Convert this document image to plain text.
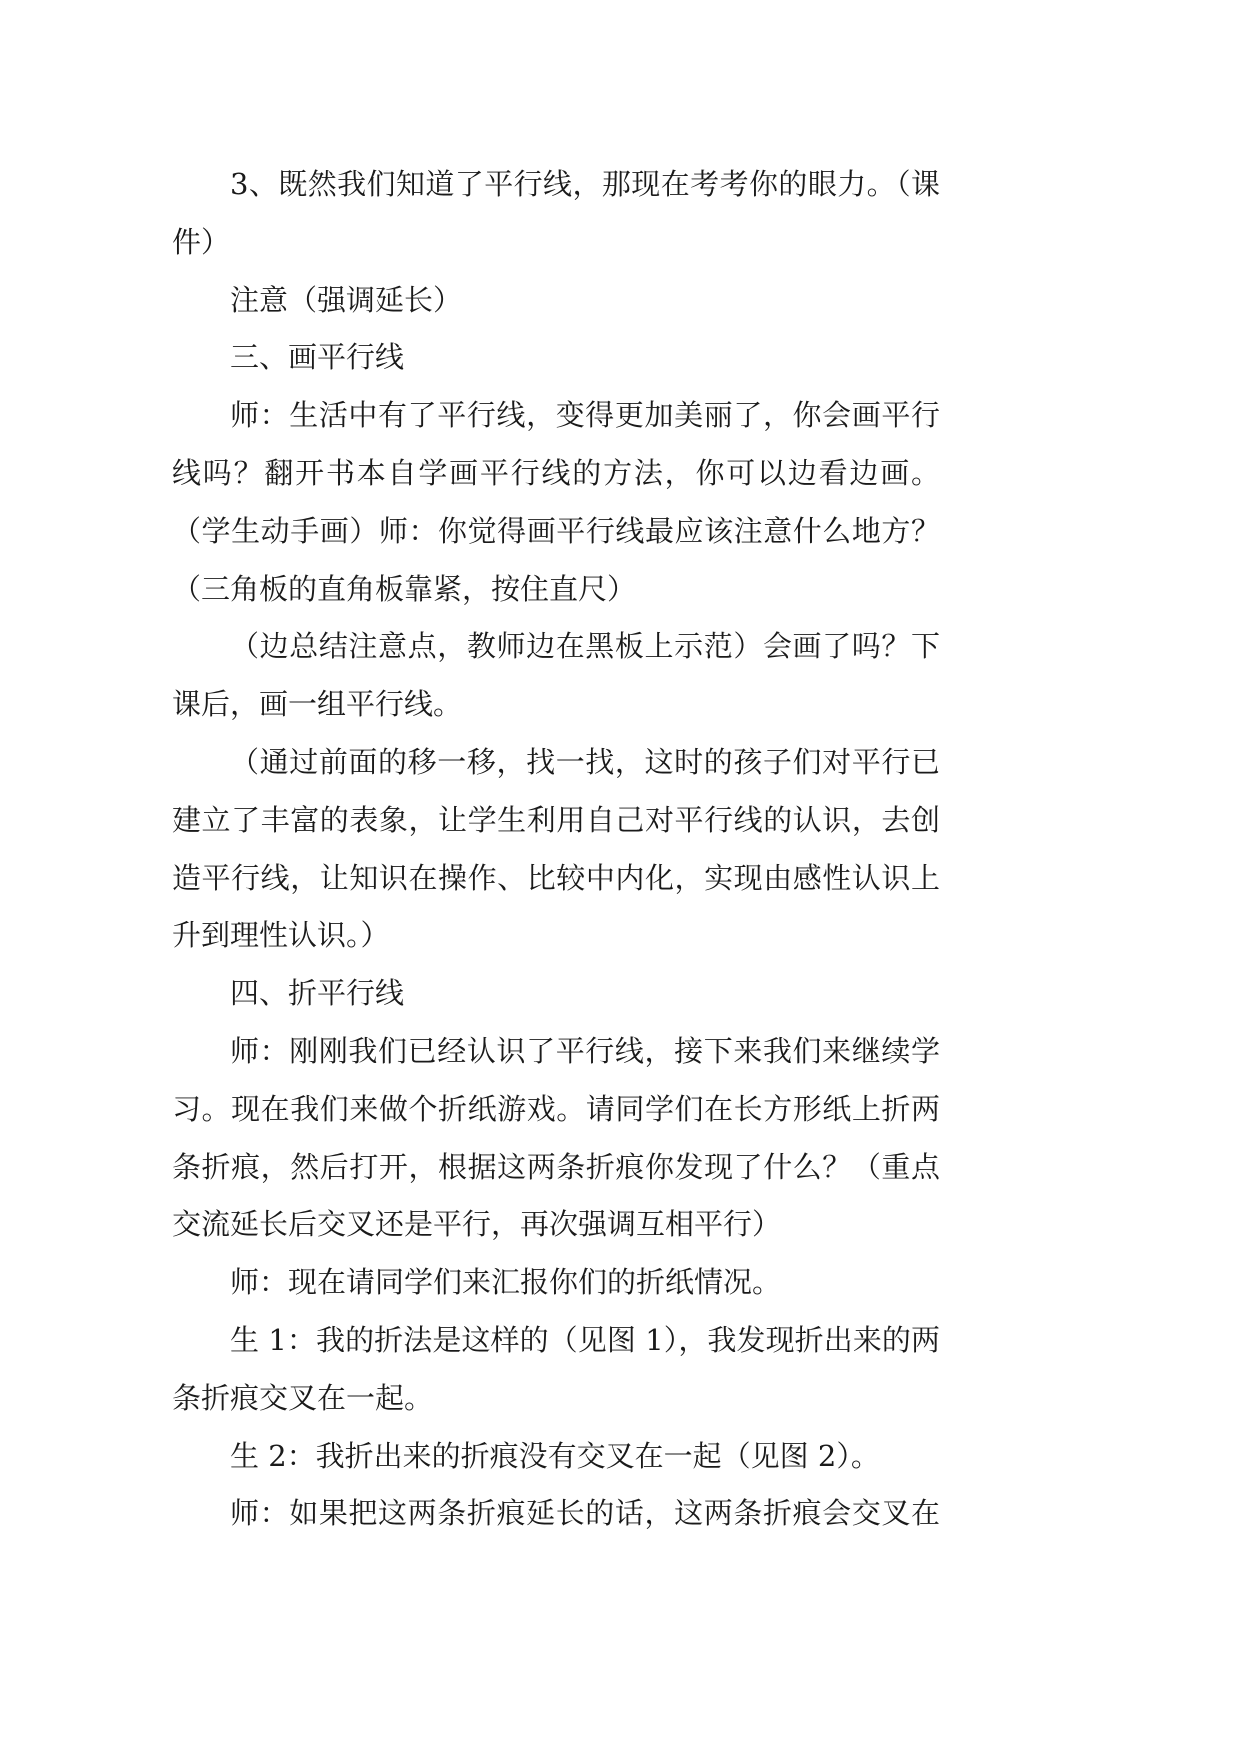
3、既然我们知道了平行线，那现在考考你的眼力。（课
件）
注意（强调延长）
三、画平行线
师：生活中有了平行线，变得更加美丽了，你会画平行
线吗？翻开书本自学画平行线的方法，你可以边看边画。
（学生动手画）师：你觉得画平行线最应该注意什么地方？
（三角板的直角板靠紧，按住直尺）
（边总结注意点，教师边在黑板上示范）会画了吗？下
课后，画一组平行线。
（通过前面的移一移，找一找，这时的孩子们对平行已
建立了丰富的表象，让学生利用自己对平行线的认识，去创
造平行线，让知识在操作、比较中内化，实现由感性认识上
升到理性认识。）
四、折平行线
师：刚刚我们已经认识了平行线，接下来我们来继续学
习。现在我们来做个折纸游戏。请同学们在长方形纸上折两
条折痕，然后打开，根据这两条折痕你发现了什么？（重点
交流延长后交叉还是平行，再次强调互相平行）
师：现在请同学们来汇报你们的折纸情况。
生 1：我的折法是这样的（见图 1），我发现折出来的两
条折痕交叉在一起。
生 2：我折出来的折痕没有交叉在一起（见图 2）。
师：如果把这两条折痕延长的话，这两条折痕会交叉在
